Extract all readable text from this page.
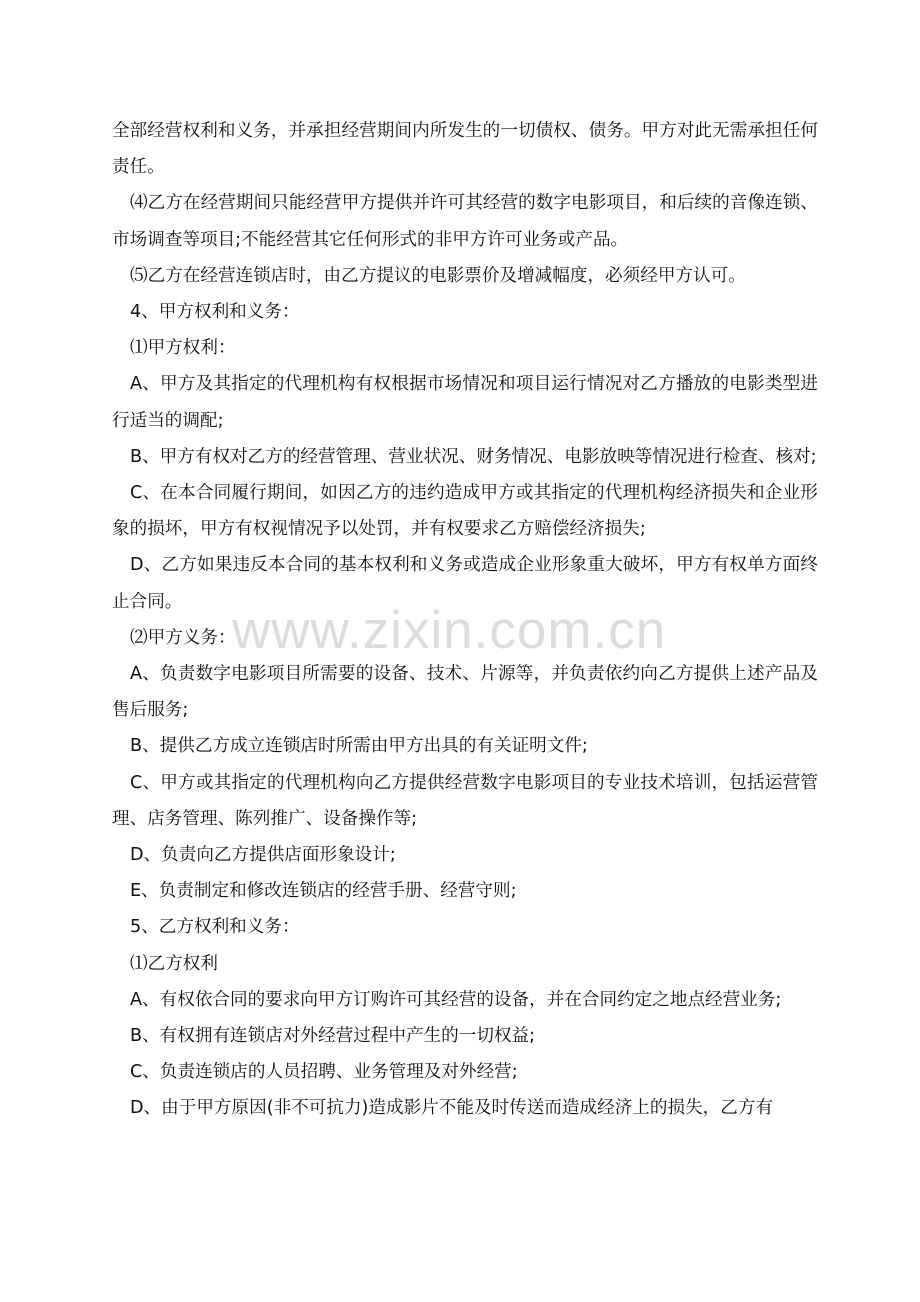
全部经营权利和义务，并承担经营期间内所发生的一切债权、债务。甲方对此无需承担任何责任。

⑷乙方在经营期间只能经营甲方提供并许可其经营的数字电影项目，和后续的音像连锁、市场调查等项目;不能经营其它任何形式的非甲方许可业务或产品。

⑸乙方在经营连锁店时，由乙方提议的电影票价及增减幅度，必须经甲方认可。

4、甲方权利和义务：

⑴甲方权利：

A、甲方及其指定的代理机构有权根据市场情况和项目运行情况对乙方播放的电影类型进行适当的调配;

B、甲方有权对乙方的经营管理、营业状况、财务情况、电影放映等情况进行检查、核对;

C、在本合同履行期间，如因乙方的违约造成甲方或其指定的代理机构经济损失和企业形象的损坏，甲方有权视情况予以处罚，并有权要求乙方赔偿经济损失;

D、乙方如果违反本合同的基本权利和义务或造成企业形象重大破坏，甲方有权单方面终止合同。

⑵甲方义务：

A、负责数字电影项目所需要的设备、技术、片源等，并负责依约向乙方提供上述产品及售后服务;

B、提供乙方成立连锁店时所需由甲方出具的有关证明文件;

C、甲方或其指定的代理机构向乙方提供经营数字电影项目的专业技术培训，包括运营管理、店务管理、陈列推广、设备操作等;

D、负责向乙方提供店面形象设计;

E、负责制定和修改连锁店的经营手册、经营守则;

5、乙方权利和义务：

⑴乙方权利

A、有权依合同的要求向甲方订购许可其经营的设备，并在合同约定之地点经营业务;

B、有权拥有连锁店对外经营过程中产生的一切权益;

C、负责连锁店的人员招聘、业务管理及对外经营;

D、由于甲方原因(非不可抗力)造成影片不能及时传送而造成经济上的损失，乙方有

www.zixin.com.cn
